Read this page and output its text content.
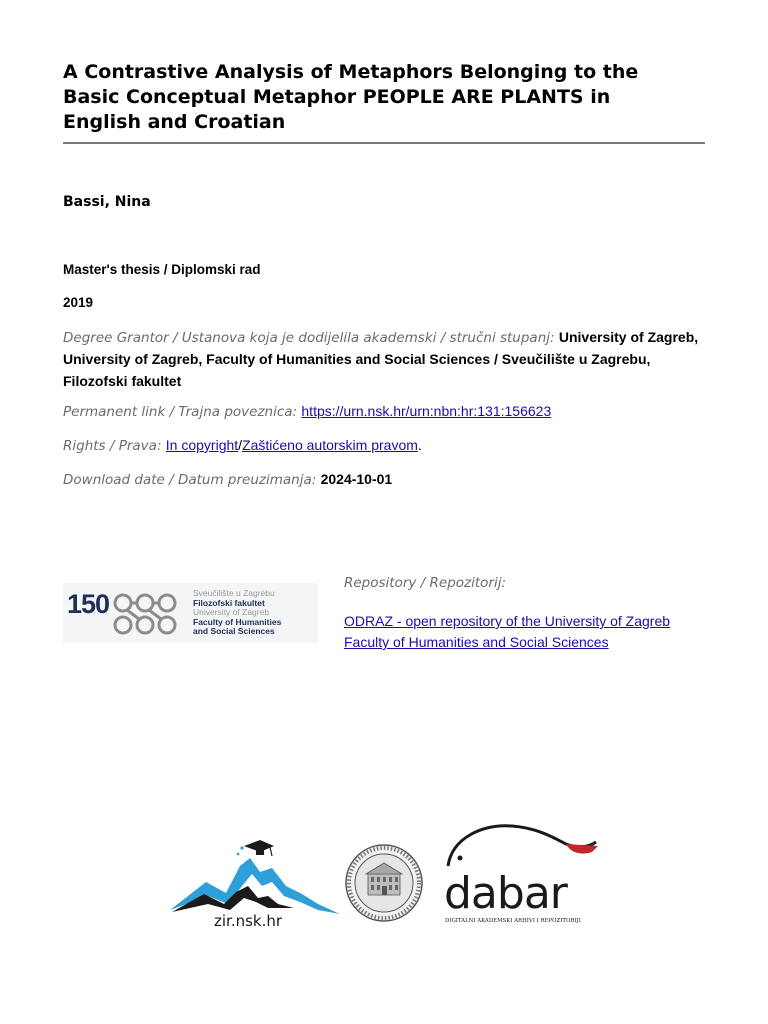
A Contrastive Analysis of Metaphors Belonging to the
Basic Conceptual Metaphor PEOPLE ARE PLANTS in
English and Croatian
Bassi, Nina
Master's thesis / Diplomski rad
2019
Degree Grantor / Ustanova koja je dodijelila akademski / stručni stupanj: University of Zagreb, University of Zagreb, Faculty of Humanities and Social Sciences / Sveučilište u Zagrebu, Filozofski fakultet
Permanent link / Trajna poveznica: https://urn.nsk.hr/urn:nbn:hr:131:156623
Rights / Prava: In copyright/Zaštićeno autorskim pravom.
Download date / Datum preuzimanja: 2024-10-01
150	Sveučilište u Zagrebu
Filozofski fakultet
University of Zagreb
Faculty of Humanities
and Social Sciences
Repository / Repozitorij:
ODRAZ - open repository of the University of Zagreb
Faculty of Humanities and Social Sciences
zir.nsk.hr
dabar
DIGITALNI AKADEMSKI ARHIVI I REPOZITORIJI
